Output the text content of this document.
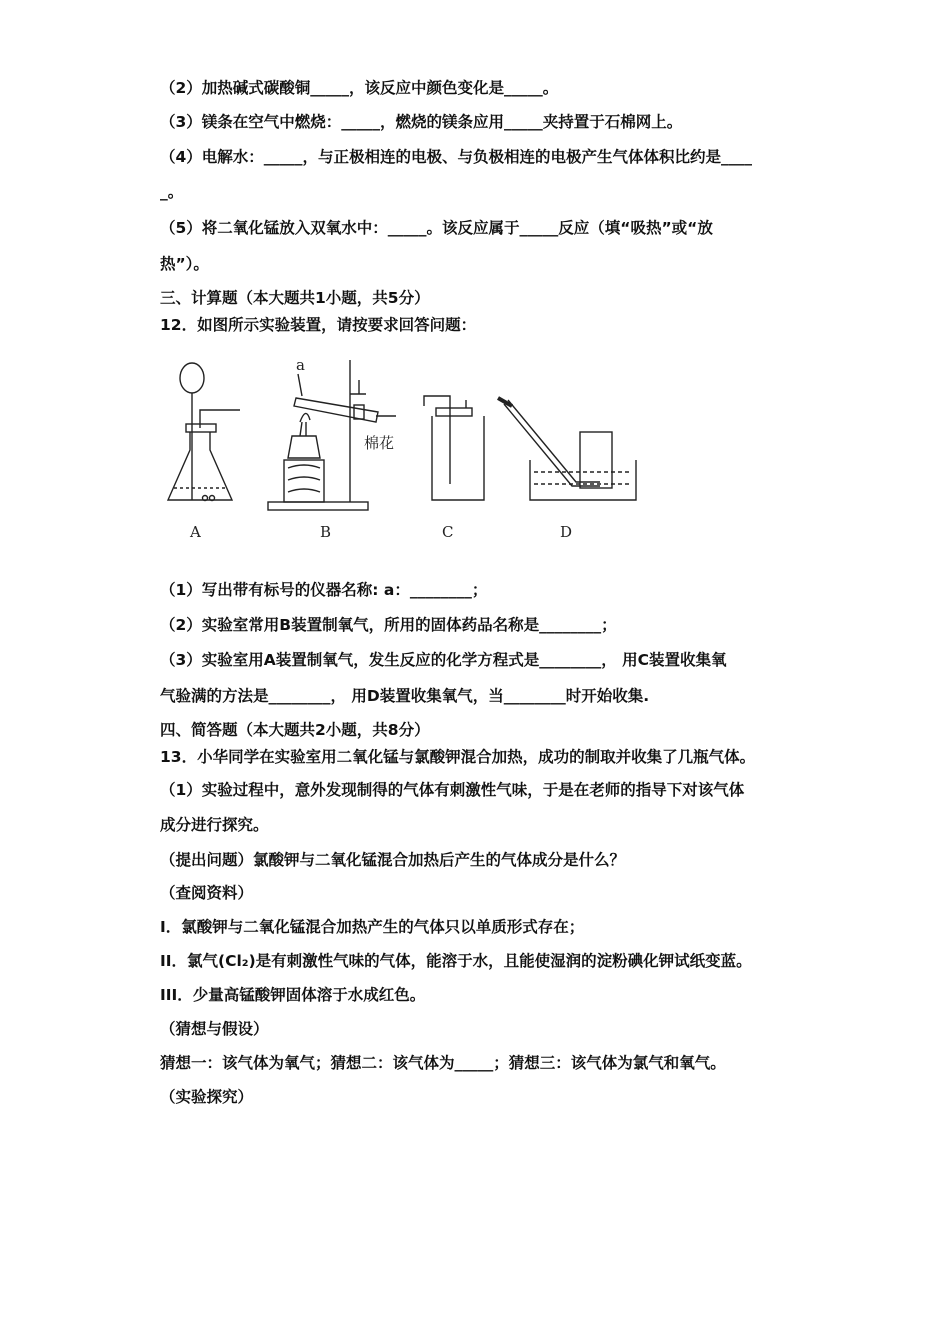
（2）加热碱式碳酸铜_____，该反应中颜色变化是_____。
（3）镁条在空气中燃烧：_____，燃烧的镁条应用_____夹持置于石棉网上。
（4）电解水：_____，与正极相连的电极、与负极相连的电极产生气体体积比约是____
_。
（5）将二氧化锰放入双氧水中：_____。该反应属于_____反应（填“吸热”或“放
热”）。
三、计算题（本大题共1小题，共5分）
12．如图所示实验装置，请按要求回答问题：
A
a
棉花
B	C	D
（1）写出带有标号的仪器名称: a：________；
（2）实验室常用B装置制氧气，所用的固体药品名称是________；
（3）实验室用A装置制氧气，发生反应的化学方程式是________， 用C装置收集氧
气验满的方法是________， 用D装置收集氧气，当________时开始收集.
四、简答题（本大题共2小题，共8分）
13．小华同学在实验室用二氧化锰与氯酸钾混合加热，成功的制取并收集了几瓶气体。
（1）实验过程中，意外发现制得的气体有刺激性气味，于是在老师的指导下对该气体
成分进行探究。
（提出问题）氯酸钾与二氧化锰混合加热后产生的气体成分是什么？
（查阅资料）
I．氯酸钾与二氧化锰混合加热产生的气体只以单质形式存在；
II．氯气(Cl₂)是有刺激性气味的气体，能溶于水，且能使湿润的淀粉碘化钾试纸变蓝。
III．少量高锰酸钾固体溶于水成红色。
（猜想与假设）
猜想一：该气体为氧气；猜想二：该气体为_____；猜想三：该气体为氯气和氧气。
（实验探究）
